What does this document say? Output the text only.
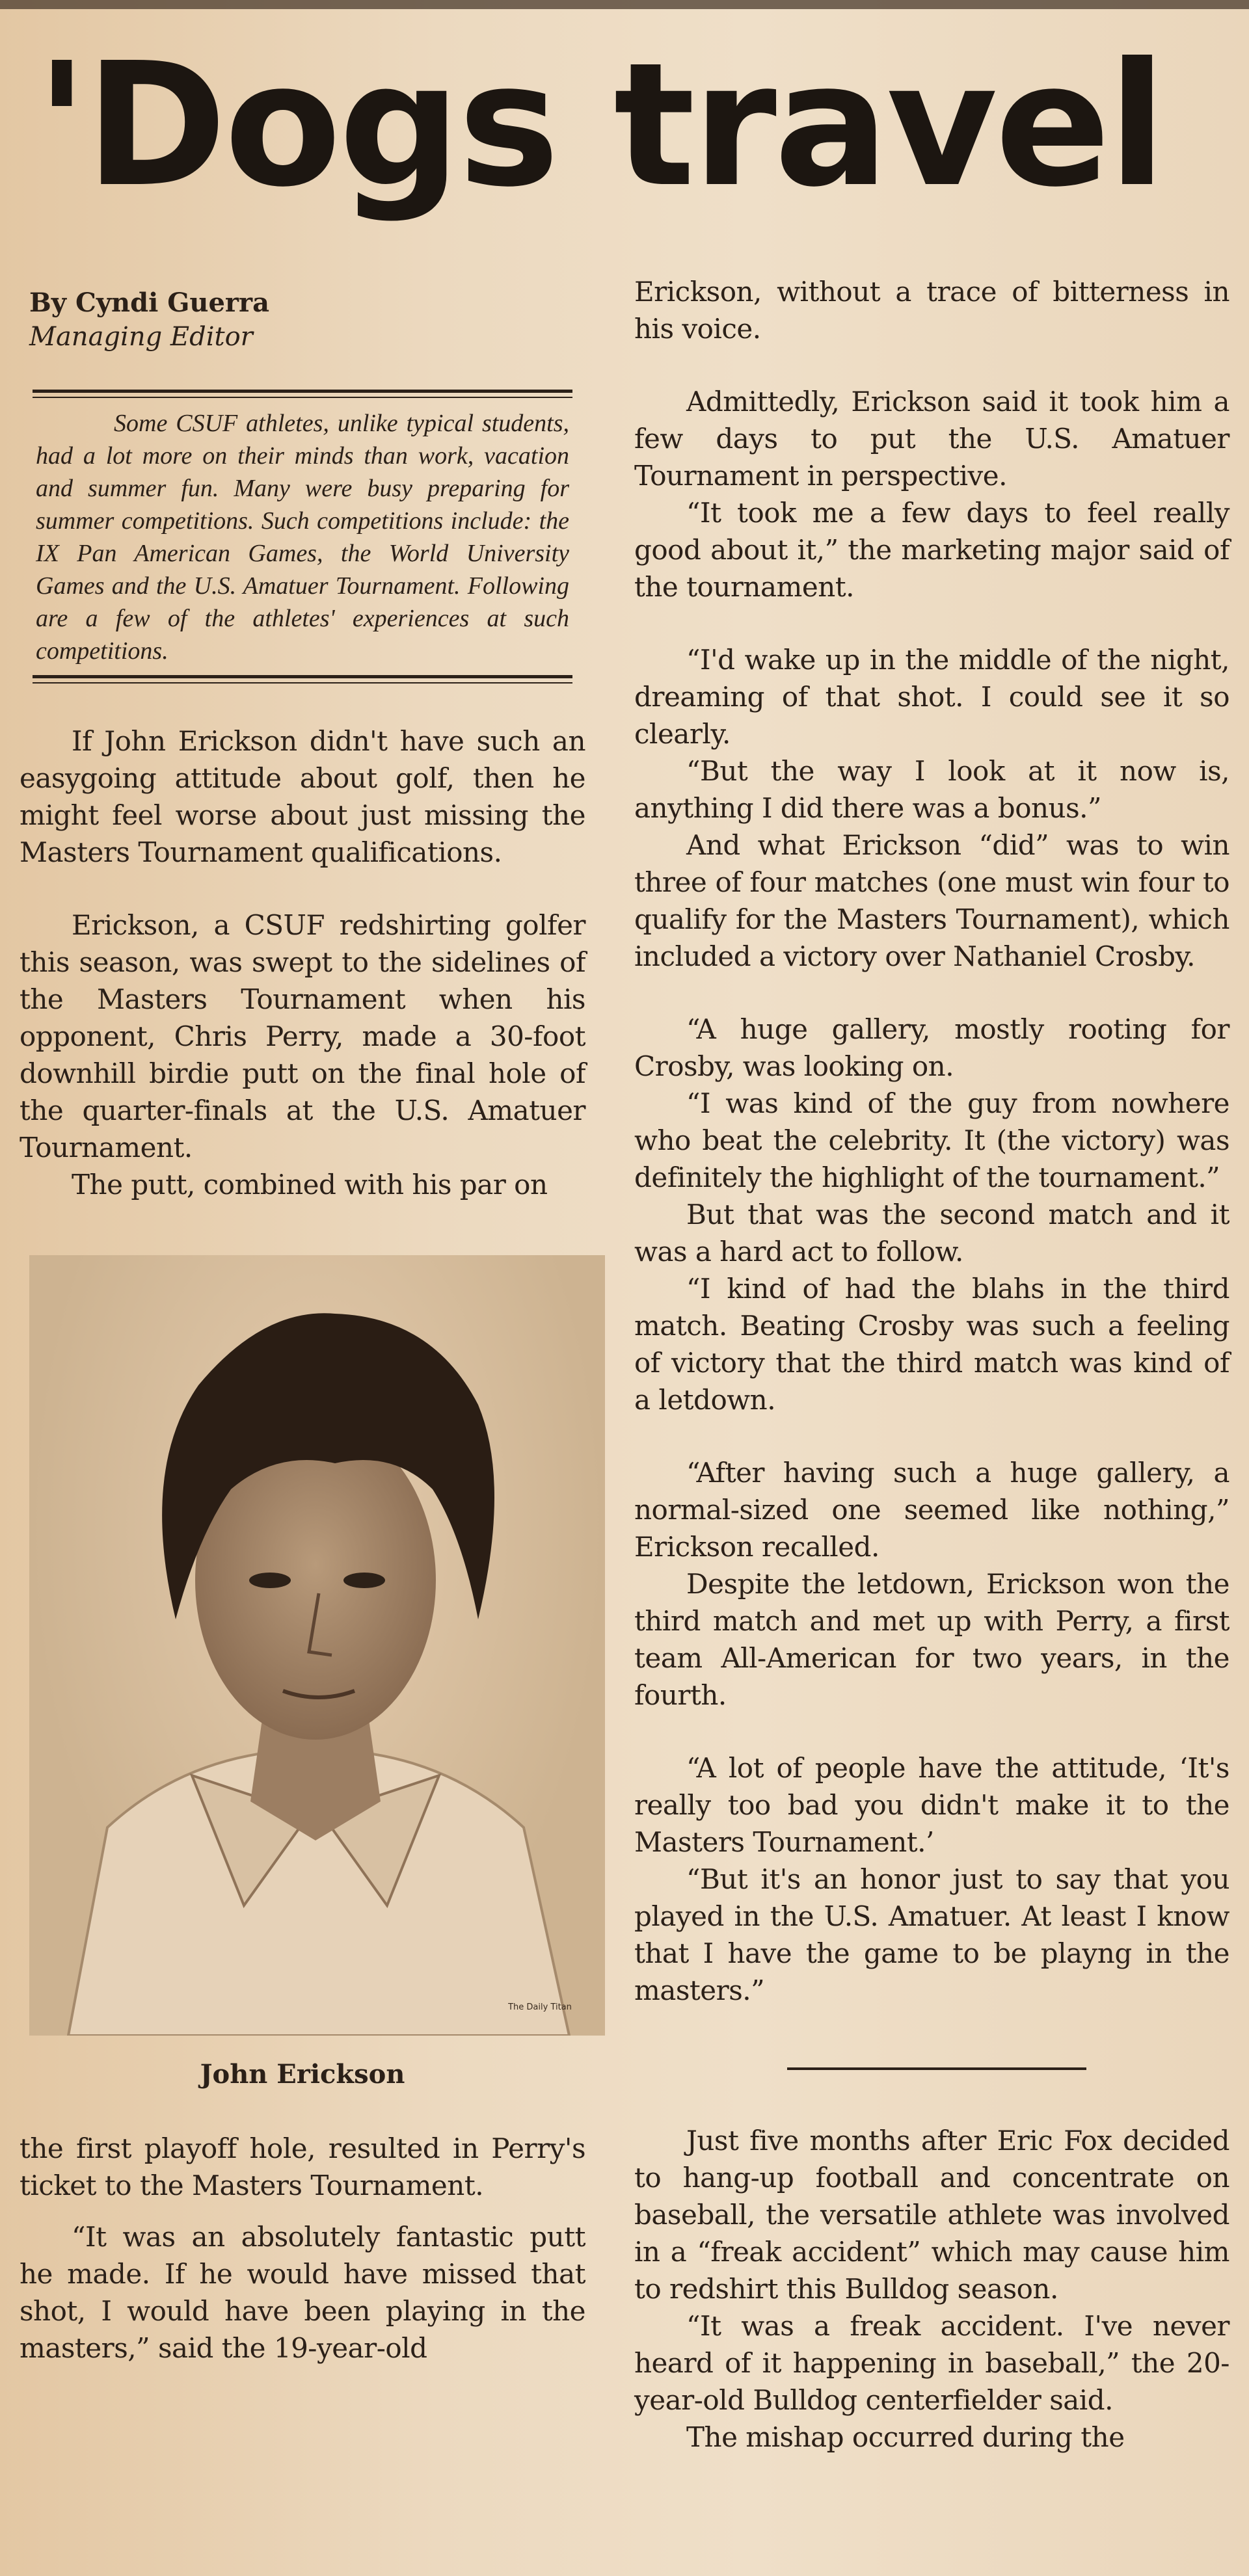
'Dogs travel
By Cyndi Guerra
Managing Editor
Some CSUF athletes, unlike typical students, had a lot more on their minds than work, vacation and summer fun. Many were busy preparing for summer competitions. Such competitions include: the IX Pan American Games, the World University Games and the U.S. Amatuer Tournament. Following are a few of the athletes' experiences at such competitions.

If John Erickson didn't have such an easygoing attitude about golf, then he might feel worse about just missing the Masters Tournament qualifications.

Erickson, a CSUF redshirting golfer this season, was swept to the sidelines of the Masters Tournament when his opponent, Chris Perry, made a 30-foot downhill birdie putt on the final hole of the quarter-finals at the U.S. Amatuer Tournament.

The putt, combined with his par on

The Daily Titan
John Erickson

the first playoff hole, resulted in Perry's ticket to the Masters Tournament.

“It was an absolutely fantastic putt he made. If he would have missed that shot, I would have been playing in the masters,” said the 19-year-old

Erickson, without a trace of bitterness in his voice.

Admittedly, Erickson said it took him a few days to put the U.S. Amatuer Tournament in perspective.

“It took me a few days to feel really good about it,” the marketing major said of the tournament.

“I'd wake up in the middle of the night, dreaming of that shot. I could see it so clearly.

“But the way I look at it now is, anything I did there was a bonus.”

And what Erickson “did” was to win three of four matches (one must win four to qualify for the Masters Tournament), which included a victory over Nathaniel Crosby.

“A huge gallery, mostly rooting for Crosby, was looking on.

“I was kind of the guy from nowhere who beat the celebrity. It (the victory) was definitely the highlight of the tournament.”

But that was the second match and it was a hard act to follow.

“I kind of had the blahs in the third match. Beating Crosby was such a feeling of victory that the third match was kind of a letdown.

“After having such a huge gallery, a normal-sized one seemed like nothing,” Erickson recalled.

Despite the letdown, Erickson won the third match and met up with Perry, a first team All-American for two years, in the fourth.

“A lot of people have the attitude, ‘It's really too bad you didn't make it to the Masters Tournament.’

“But it's an honor just to say that you played in the U.S. Amatuer. At least I know that I have the game to be playng in the masters.”

Just five months after Eric Fox decided to hang-up football and concentrate on baseball, the versatile athlete was involved in a “freak accident” which may cause him to redshirt this Bulldog season.

“It was a freak accident. I've never heard of it happening in baseball,” the 20-year-old Bulldog centerfielder said.

The mishap occurred during the
